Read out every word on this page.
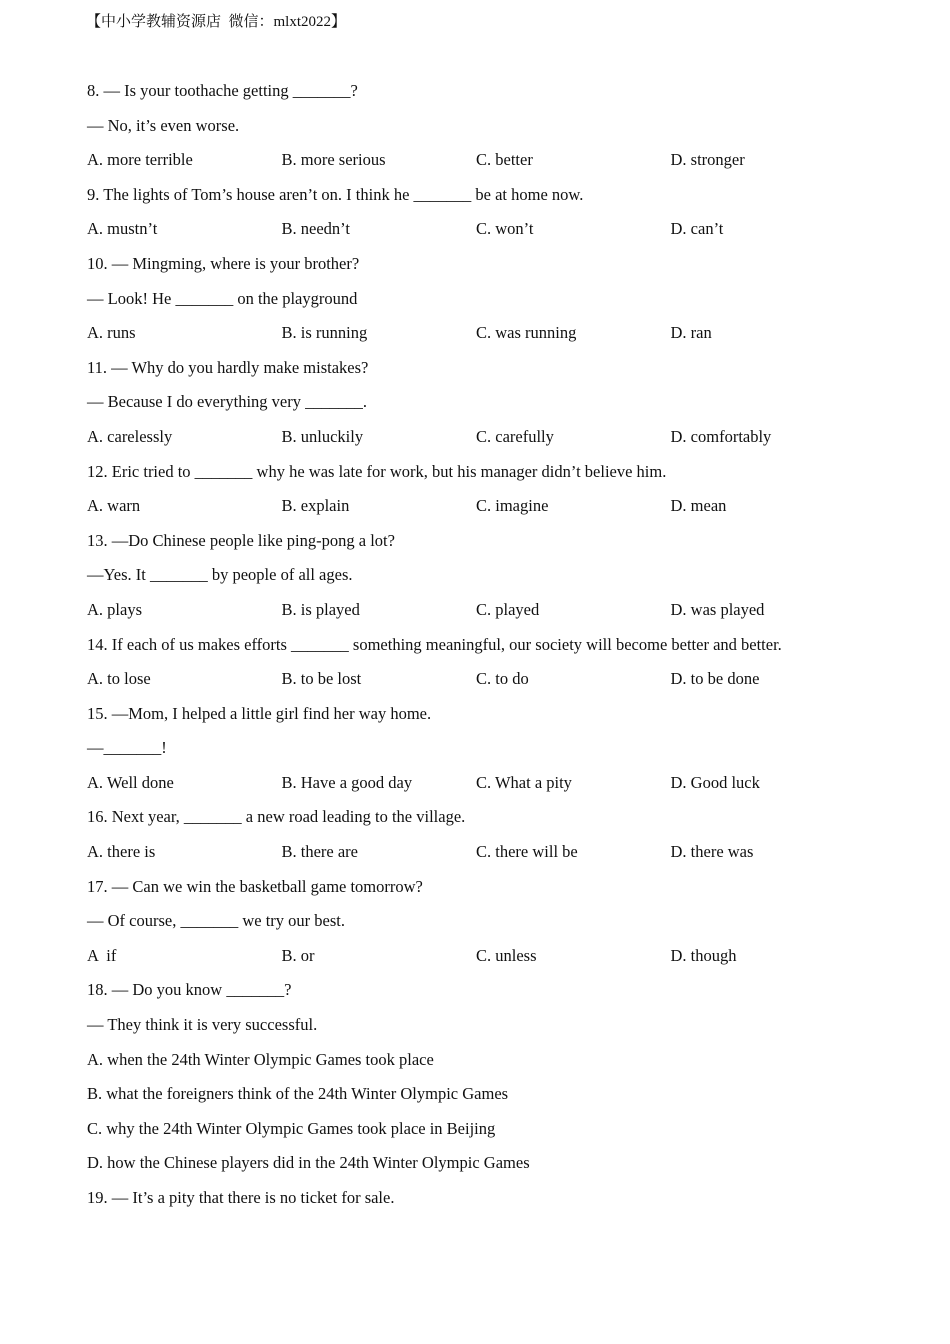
【中小学教辅资源店  微信：mlxt2022】
8. — Is your toothache getting _______?
— No, it’s even worse.
A. more terrible	B. more serious	C. better	D. stronger
9. The lights of Tom’s house aren’t on. I think he _______ be at home now.
A. mustn’t	B. needn’t	C. won’t	D. can’t
10. — Mingming, where is your brother?
— Look! He _______ on the playground
A. runs	B. is running	C. was running	D. ran
11. — Why do you hardly make mistakes?
— Because I do everything very _______.
A. carelessly	B. unluckily	C. carefully	D. comfortably
12. Eric tried to _______ why he was late for work, but his manager didn’t believe him.
A. warn	B. explain	C. imagine	D. mean
13. —Do Chinese people like ping-pong a lot?
—Yes. It _______ by people of all ages.
A. plays	B. is played	C. played	D. was played
14. If each of us makes efforts _______ something meaningful, our society will become better and better.
A. to lose	B. to be lost	C. to do	D. to be done
15. —Mom, I helped a little girl find her way home.
—_______!
A. Well done	B. Have a good day	C. What a pity	D. Good luck
16. Next year, _______ a new road leading to the village.
A. there is	B. there are	C. there will be	D. there was
17. — Can we win the basketball game tomorrow?
— Of course, _______ we try our best.
A  if	B. or	C. unless	D. though
18. — Do you know _______?
— They think it is very successful.
A. when the 24th Winter Olympic Games took place
B. what the foreigners think of the 24th Winter Olympic Games
C. why the 24th Winter Olympic Games took place in Beijing
D. how the Chinese players did in the 24th Winter Olympic Games
19. — It’s a pity that there is no ticket for sale.
